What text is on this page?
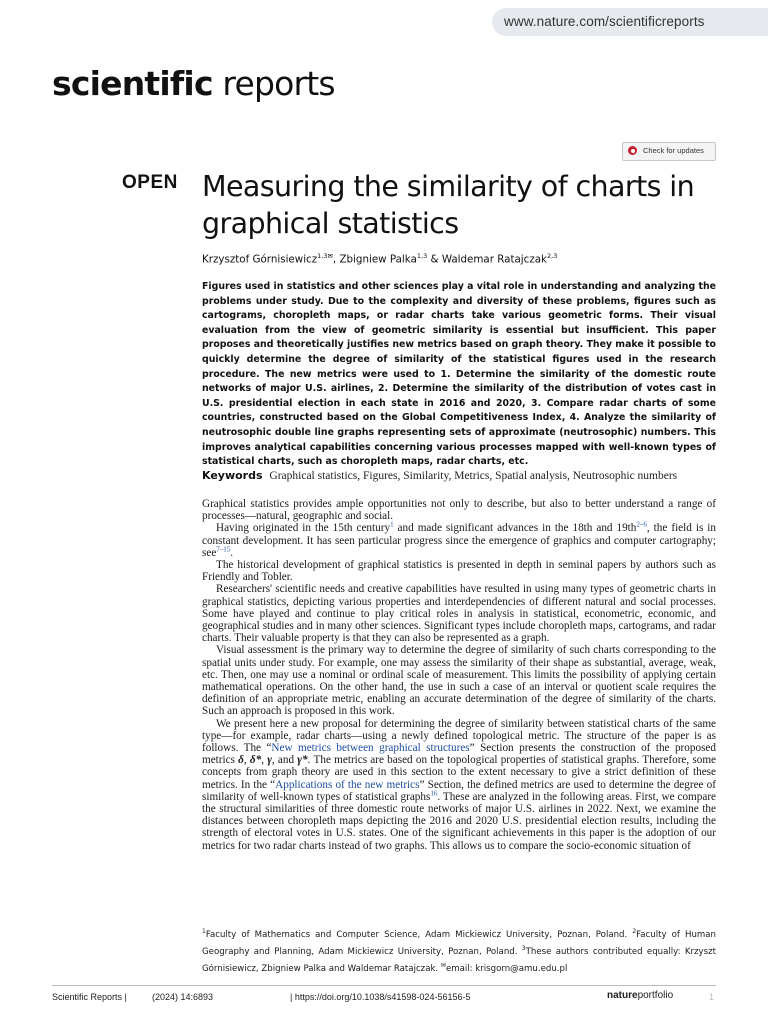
www.nature.com/scientificreports
scientific reports
Check for updates
OPEN Measuring the similarity of charts in graphical statistics
Krzysztof Górnisiewicz$^{1,3✉}$, Zbigniew Palka$^{1,3}$ & Waldemar Ratajczak$^{2,3}$
Figures used in statistics and other sciences play a vital role in understanding and analyzing the problems under study. Due to the complexity and diversity of these problems, figures such as cartograms, choropleth maps, or radar charts take various geometric forms. Their visual evaluation from the view of geometric similarity is essential but insufficient. This paper proposes and theoretically justifies new metrics based on graph theory. They make it possible to quickly determine the degree of similarity of the statistical figures used in the research procedure. The new metrics were used to 1. Determine the similarity of the domestic route networks of major U.S. airlines, 2. Determine the similarity of the distribution of votes cast in U.S. presidential election in each state in 2016 and 2020, 3. Compare radar charts of some countries, constructed based on the Global Competitiveness Index, 4. Analyze the similarity of neutrosophic double line graphs representing sets of approximate (neutrosophic) numbers. This improves analytical capabilities concerning various processes mapped with well-known types of statistical charts, such as choropleth maps, radar charts, etc.
Keywords Graphical statistics, Figures, Similarity, Metrics, Spatial analysis, Neutrosophic numbers

Graphical statistics provides ample opportunities not only to describe, but also to better understand a range of processes—natural, geographic and social.

Having originated in the 15th century$^1$ and made significant advances in the 18th and $19th^{2-6}$, the field is in constant development. It has seen particular progress since the emergence of graphics and computer cartography; see$^{7-15}$.

The historical development of graphical statistics is presented in depth in seminal papers by authors such as Friendly and Tobler.

Researchers' scientific needs and creative capabilities have resulted in using many types of geometric charts in graphical statistics, depicting various properties and interdependencies of different natural and social processes. Some have played and continue to play critical roles in analysis in statistical, econometric, economic, and geographical studies and in many other sciences. Significant types include choropleth maps, cartograms, and radar charts. Their valuable property is that they can also be represented as a graph.

Visual assessment is the primary way to determine the degree of similarity of such charts corresponding to the spatial units under study. For example, one may assess the similarity of their shape as substantial, average, weak, etc. Then, one may use a nominal or ordinal scale of measurement. This limits the possibility of applying certain mathematical operations. On the other hand, the use in such a case of an interval or quotient scale requires the definition of an appropriate metric, enabling an accurate determination of the degree of similarity of the charts. Such an approach is proposed in this work.

We present here a new proposal for determining the degree of similarity between statistical charts of the same type—for example, radar charts—using a newly defined topological metric. The structure of the paper is as follows. The “New metrics between graphical structures” Section presents the construction of the proposed metrics δ, δ*, γ, and γ*. The metrics are based on the topological properties of statistical graphs. Therefore, some concepts from graph theory are used in this section to the extent necessary to give a strict definition of these metrics. In the “Applications of the new metrics” Section, the defined metrics are used to determine the degree of similarity of well-known types of statistical graphs$^{16}$. These are analyzed in the following areas. First, we compare the structural similarities of three domestic route networks of major U.S. airlines in 2022. Next, we examine the distances between choropleth maps depicting the 2016 and 2020 U.S. presidential election results, including the strength of electoral votes in U.S. states. One of the significant achievements in this paper is the adoption of our metrics for two radar charts instead of two graphs. This allows us to compare the socio-economic situation of

$^1$Faculty of Mathematics and Computer Science, Adam Mickiewicz University, Poznan, Poland. $^2$Faculty of Human Geography and Planning, Adam Mickiewicz University, Poznan, Poland. $^3$These authors contributed equally: Krzyszt Górnisiewicz, Zbigniew Palka and Waldemar Ratajczak. ✉email: krisgorn@amu.edu.pl
Scientific Reports |	(2024) 14:6893	| https://doi.org/10.1038/s41598-024-56156-5	natureportfolio	1
